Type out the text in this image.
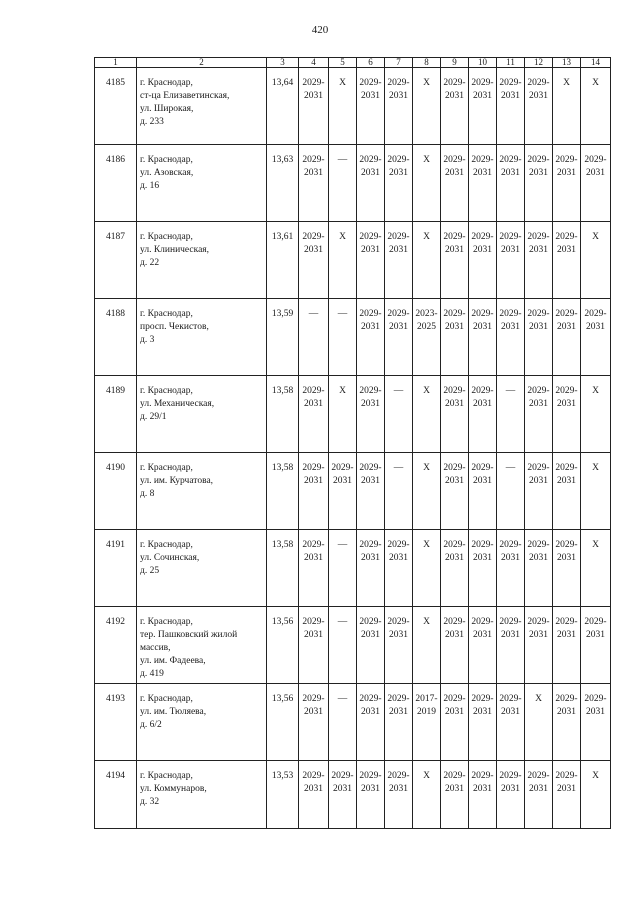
420
1	2	3	4	5	6	7	8	9	10	11	12	13	14
4185	г. Краснодар,
ст-ца Елизаветинская,
ул. Широкая,
д. 233	13,64	2029-
2031	X	2029-
2031	2029-
2031	X	2029-
2031	2029-
2031	2029-
2031	2029-
2031	X	X

4186	г. Краснодар,
ул. Азовская,
д. 16	13,63	2029-
2031	—	2029-
2031	2029-
2031	X	2029-
2031	2029-
2031	2029-
2031	2029-
2031	2029-
2031	2029-
2031

4187	г. Краснодар,
ул. Клиническая,
д. 22	13,61	2029-
2031	X	2029-
2031	2029-
2031	X	2029-
2031	2029-
2031	2029-
2031	2029-
2031	2029-
2031	X

4188	г. Краснодар,
просп. Чекистов,
д. 3	13,59	—	—	2029-
2031	2029-
2031	2023-
2025	2029-
2031	2029-
2031	2029-
2031	2029-
2031	2029-
2031	2029-
2031

4189	г. Краснодар,
ул. Механическая,
д. 29/1	13,58	2029-
2031	X	2029-
2031	—	X	2029-
2031	2029-
2031	—	2029-
2031	2029-
2031	X

4190	г. Краснодар,
ул. им. Курчатова,
д. 8	13,58	2029-
2031	2029-
2031	2029-
2031	—	X	2029-
2031	2029-
2031	—	2029-
2031	2029-
2031	X

4191	г. Краснодар,
ул. Сочинская,
д. 25	13,58	2029-
2031	—	2029-
2031	2029-
2031	X	2029-
2031	2029-
2031	2029-
2031	2029-
2031	2029-
2031	X

4192	г. Краснодар,
тер. Пашковский жилой
массив,
ул. им. Фадеева,
д. 419	13,56	2029-
2031	—	2029-
2031	2029-
2031	X	2029-
2031	2029-
2031	2029-
2031	2029-
2031	2029-
2031	2029-
2031

4193	г. Краснодар,
ул. им. Тюляева,
д. 6/2	13,56	2029-
2031	—	2029-
2031	2029-
2031	2017-
2019	2029-
2031	2029-
2031	2029-
2031	X	2029-
2031	2029-
2031

4194	г. Краснодар,
ул. Коммунаров,
д. 32	13,53	2029-
2031	2029-
2031	2029-
2031	2029-
2031	X	2029-
2031	2029-
2031	2029-
2031	2029-
2031	2029-
2031	X
